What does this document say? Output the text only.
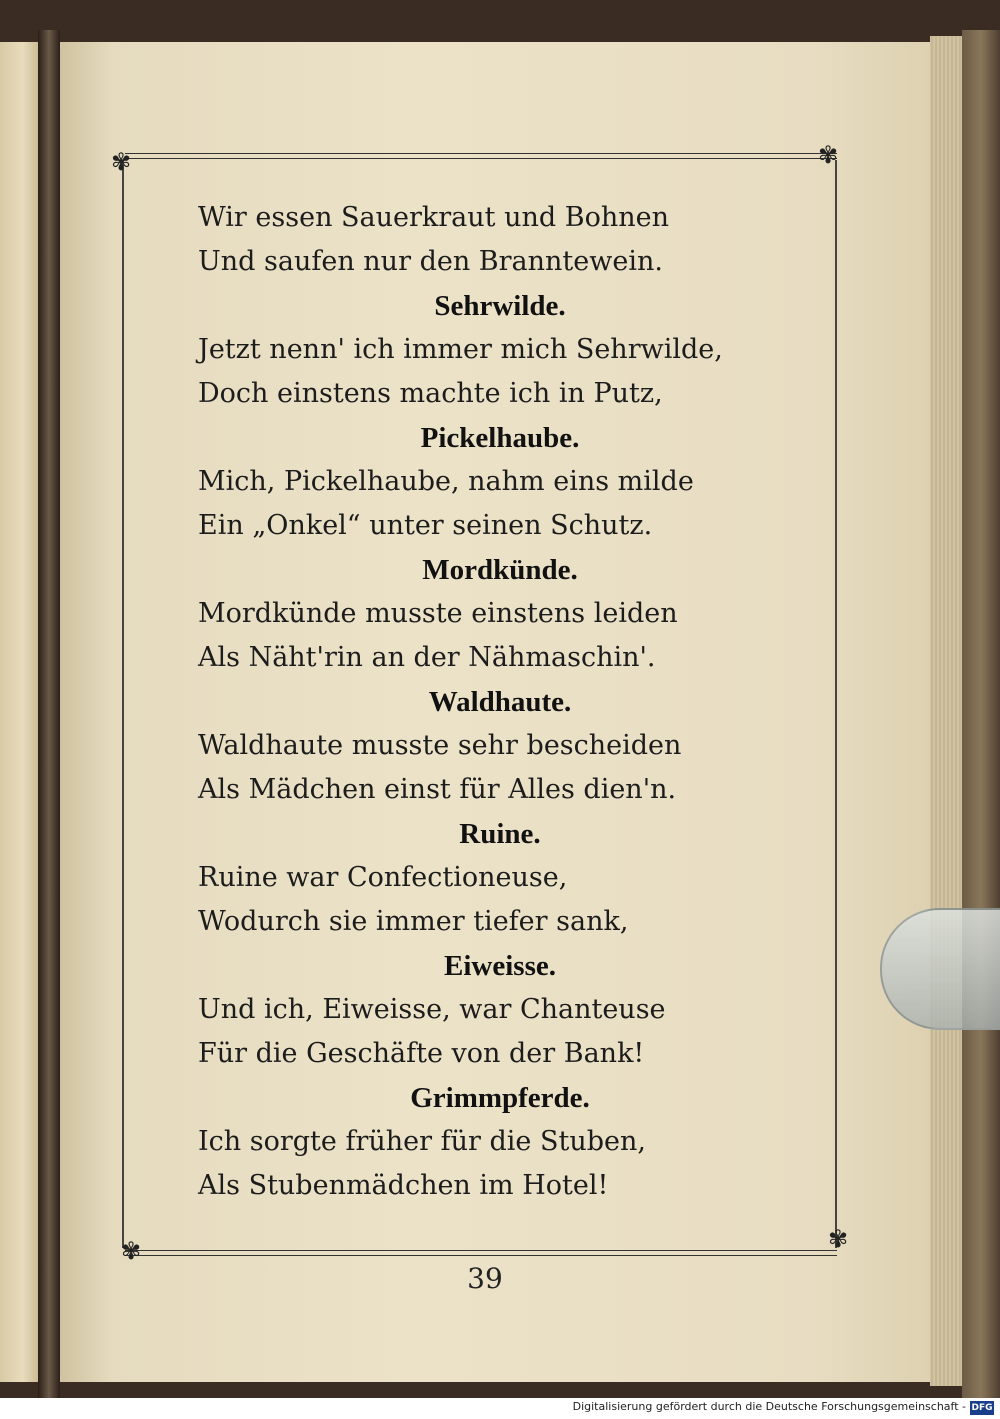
✾	✾
✾	✾
Wir essen Sauerkraut und Bohnen
Und saufen nur den Branntewein.
Sehrwilde.
Jetzt nenn' ich immer mich Sehrwilde,
Doch einstens machte ich in Putz,
Pickelhaube.
Mich, Pickelhaube, nahm eins milde
Ein „Onkel“ unter seinen Schutz.
Mordkünde.
Mordkünde musste einstens leiden
Als Näht'rin an der Nähmaschin'.
Waldhaute.
Waldhaute musste sehr bescheiden
Als Mädchen einst für Alles dien'n.
Ruine.
Ruine war Confectioneuse,
Wodurch sie immer tiefer sank,
Eiweisse.
Und ich, Eiweisse, war Chanteuse
Für die Geschäfte von der Bank!
Grimmpferde.
Ich sorgte früher für die Stuben,
Als Stubenmädchen im Hotel!
39
Digitalisierung gefördert durch die Deutsche Forschungsgemeinschaft - DFG
